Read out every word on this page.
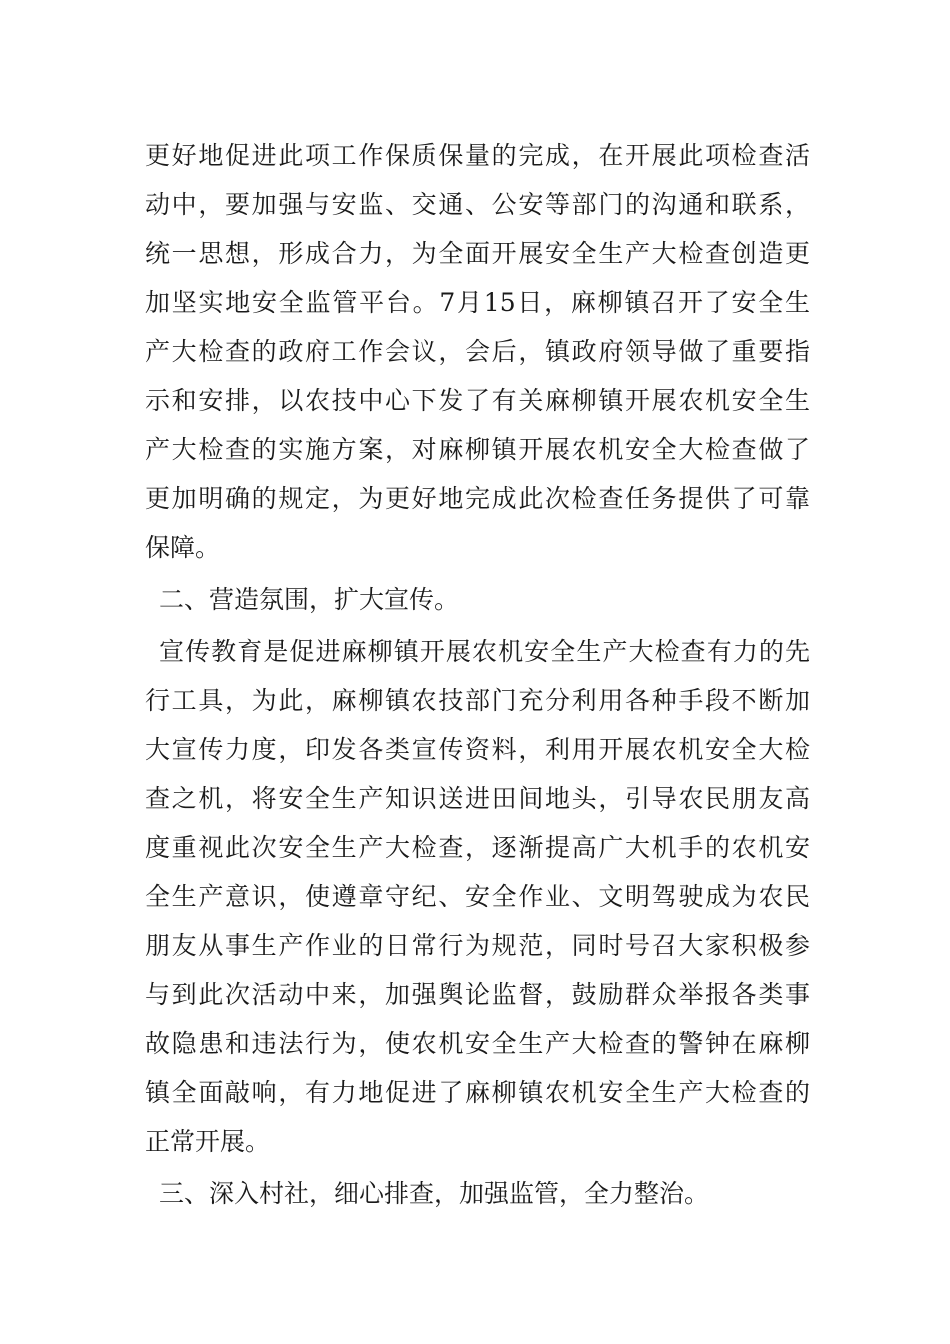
更好地促进此项工作保质保量的完成，在开展此项检查活
动中，要加强与安监、交通、公安等部门的沟通和联系，
统一思想，形成合力，为全面开展安全生产大检查创造更
加坚实地安全监管平台。7月15日，麻柳镇召开了安全生
产大检查的政府工作会议，会后，镇政府领导做了重要指
示和安排，以农技中心下发了有关麻柳镇开展农机安全生
产大检查的实施方案，对麻柳镇开展农机安全大检查做了
更加明确的规定，为更好地完成此次检查任务提供了可靠
保障。
二、营造氛围，扩大宣传。
宣传教育是促进麻柳镇开展农机安全生产大检查有力的先
行工具，为此，麻柳镇农技部门充分利用各种手段不断加
大宣传力度，印发各类宣传资料，利用开展农机安全大检
查之机，将安全生产知识送进田间地头，引导农民朋友高
度重视此次安全生产大检查，逐渐提高广大机手的农机安
全生产意识，使遵章守纪、安全作业、文明驾驶成为农民
朋友从事生产作业的日常行为规范，同时号召大家积极参
与到此次活动中来，加强舆论监督，鼓励群众举报各类事
故隐患和违法行为，使农机安全生产大检查的警钟在麻柳
镇全面敲响，有力地促进了麻柳镇农机安全生产大检查的
正常开展。
三、深入村社，细心排查，加强监管，全力整治。
